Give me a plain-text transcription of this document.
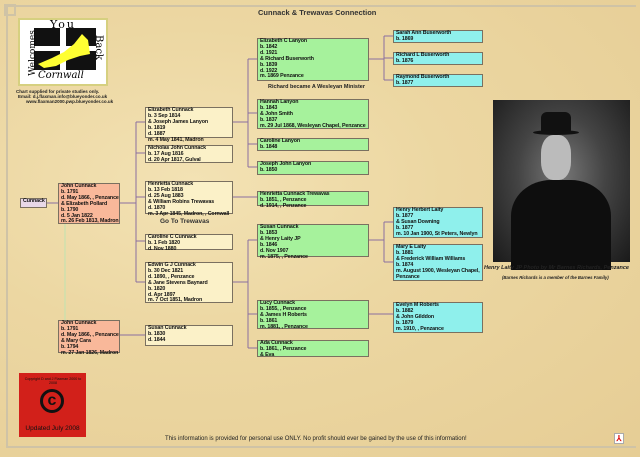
Cunnack & Trewavas Connection
Welcomes
You
Back
Cornwall
Chart supplied for private studies only.
Email: d.j.flaxman.info@blueyonder.co.uk
www.flaxman2000.pwp.blueyonder.co.uk
Cunnack
John Cunnack
b. 1791
d. May 1866, , Penzance
& Elizabeth Pollard
b. 1790
d. 5 Jan 1822
m. 26 Feb 1813, Madron
John Cunnack
b. 1791
d. May 1866, , Penzance
& Mary Cara
b. 1794
m. 27 Jan 1826, Madron
Elizabeth Cunnack
b. 3 Sep 1814
& Joseph James Lanyon
b. 1819
d. 1887
m. 4 May 1841, Madron
Nicholas John Cunnack
b. 17 Aug 1816
d. 20 Apr 1817, Gulval
Henrietta Cunnack
b. 13 Feb 1818
d. 25 Aug 1883
& William Robins Trewavas
d. 1870
m. 3 Apr 1845, Madron, , Cornwall
Caroline C Cunnack
b. 1 Feb 1820
d. Nov 1880
Edwin G J Cunnack
b. 30 Dec 1821
d. 1890, , Penzance
& Jane Stevens Baynard
b. 1820
d. Apr 1897
m. 7 Oct 1851, Madron
Susan Cunnack
b. 1830
d. 1844
Elizabeth C Lanyon
b. 1842
d. 1921
& Richard Buserworth
b. 1839
d. 1922
m. 1869 Penzance
Hannah Lanyon
b. 1843
& John Smith
b. 1837
m. 29 Jul 1868, Wesleyan Chapel, Penzance
Caroline Lanyon
b. 1848
Joseph John Lanyon
b. 1850
Henrietta Cunnack Trewavas
b. 1851, , Penzance
d. 1914, , Penzance
Susan Cunnack
b. 1853
& Henry Laity JP
b. 1846
d. Nov 1907
m. 1875, , Penzance
Lucy Cunnack
b. 1855, , Penzance
& James H Roberts
b. 1861
m. 1881, , Penzance
Ada Cunnack
b. 1861, , Penzance
& Eva
Sarah Ann Buserworth
b. 1869
Richard L Buserworth
b. 1876
Raymond Buserworth
b. 1877
Henry Herbert Laity
b. 1877
& Susan Downing
b. 1877
m. 10 Jan 1900, St Peters, Newlyn
Mary E Laity
b. 1881
& Frederick William Williams
b. 1874
m. August 1900, Wesleyan Chapel,
Penzance
Evelyn M Roberts
b. 1882
& John Gilddon
b. 1879
m. 1910, , Penzance
Go To Trewavas
Richard became A Wesleyan Minister
Henry Laity JP Photo by Mr Barnes Richards, Penzance
(Barnes Richards is a member of the Barnes Family)
c
Copyright D and J Flaxman 2000 to 2008
Updated July 2008
This information is provided for personal use ONLY. No profit should ever be gained by the use of this information!	⅄
